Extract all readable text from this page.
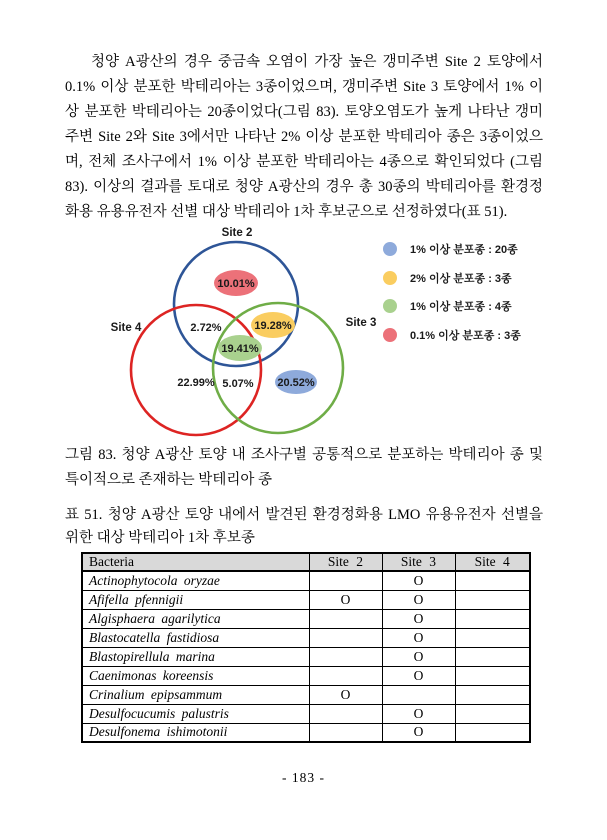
청양 A광산의 경우 중금속 오염이 가장 높은 갱미주변 Site 2 토양에서
0.1% 이상 분포한 박테리아는 3종이었으며, 갱미주변 Site 3 토양에서 1% 이
상 분포한 박테리아는 20종이었다(그림 83). 토양오염도가 높게 나타난 갱미
주변 Site 2와 Site 3에서만 나타난 2% 이상 분포한 박테리아 종은 3종이었으
며, 전체 조사구에서 1% 이상 분포한 박테리아는 4종으로 확인되었다 (그림
83). 이상의 결과를 토대로 청양 A광산의 경우 총 30종의 박테리아를 환경정
화용 유용유전자 선별 대상 박테리아 1차 후보군으로 선정하였다(표 51).
10.01%
2.72%	19.28%
19.41%
22.99% 5.07% 20.52%
Site 2
Site 4	Site 3
1% 이상 분포종 : 20종
2% 이상 분포종 : 3종
1% 이상 분포종 : 4종
0.1% 이상 분포종 : 3종
그림 83. 청양 A광산 토양 내 조사구별 공통적으로 분포하는 박테리아 종 및
특이적으로 존재하는 박테리아 종
표 51. 청양 A광산 토양 내에서 발견된 환경정화용 LMO 유용유전자 선별을
위한 대상 박테리아 1차 후보종
Bacteria	Site 2	Site 3	Site 4
Actinophytocola oryzae		O	
Afifella pfennigii	O	O	
Algisphaera agarilytica		O	
Blastocatella fastidiosa		O	
Blastopirellula marina		O	
Caenimonas koreensis		O	
Crinalium epipsammum	O		
Desulfocucumis palustris		O	
Desulfonema ishimotonii		O	
- 183 -
